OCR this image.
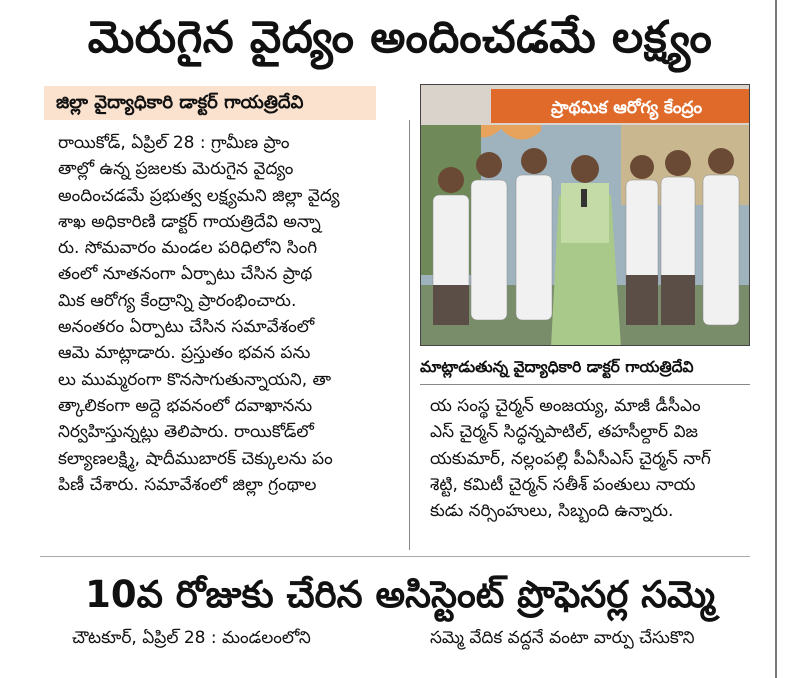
మెరుగైన వైద్యం అందించడమే లక్ష్యం
జిల్లా వైద్యాధికారి డాక్టర్ గాయత్రిదేవి
రాయికోడ్, ఏప్రిల్ 28 : గ్రామీణ ప్రాం
తాల్లో ఉన్న ప్రజలకు మెరుగైన వైద్యం
అందించడమే ప్రభుత్వ లక్ష్యమని జిల్లా వైద్య
శాఖ అధికారిణి డాక్టర్ గాయత్రిదేవి అన్నా
రు. సోమవారం మండల పరిధిలోని సింగి
తంలో నూతనంగా ఏర్పాటు చేసిన ప్రాథ
మిక ఆరోగ్య కేంద్రాన్ని ప్రారంభించారు.
అనంతరం ఏర్పాటు చేసిన సమావేశంలో
ఆమె మాట్లాడారు. ప్రస్తుతం భవన పను
లు ముమ్మరంగా కొనసాగుతున్నాయని, తా
త్కాలికంగా అద్దె భవనంలో దవాఖానను
నిర్వహిస్తున్నట్లు తెలిపారు. రాయికోడ్‌లో
కల్యాణలక్ష్మి, షాదీముబారక్ చెక్కులను పం
పిణీ చేశారు. సమావేశంలో జిల్లా గ్రంథాల
ప్రాథమిక ఆరోగ్య కేంద్రం
మాట్లాడుతున్న వైద్యాధికారి డాక్టర్ గాయత్రిదేవి
య సంస్థ చైర్మన్ అంజయ్య, మాజీ డీసీఎం
ఎస్ చైర్మన్ సిద్ధన్నపాటిల్, తహసీల్దార్ విజ
యకుమార్, నల్లంపల్లి పీఏసీఎస్ చైర్మన్ నాగ్
శెట్టి, కమిటీ చైర్మన్ సతీశ్ పంతులు నాయ
కుడు నర్సింహులు, సిబ్బంది ఉన్నారు.
10వ రోజుకు చేరిన అసిస్టెంట్ ప్రొఫెసర్ల సమ్మె
చౌటకూర్, ఏప్రిల్ 28 : మండలంలోని	సమ్మె వేదిక వద్దనే వంటా వార్పు చేసుకొని
